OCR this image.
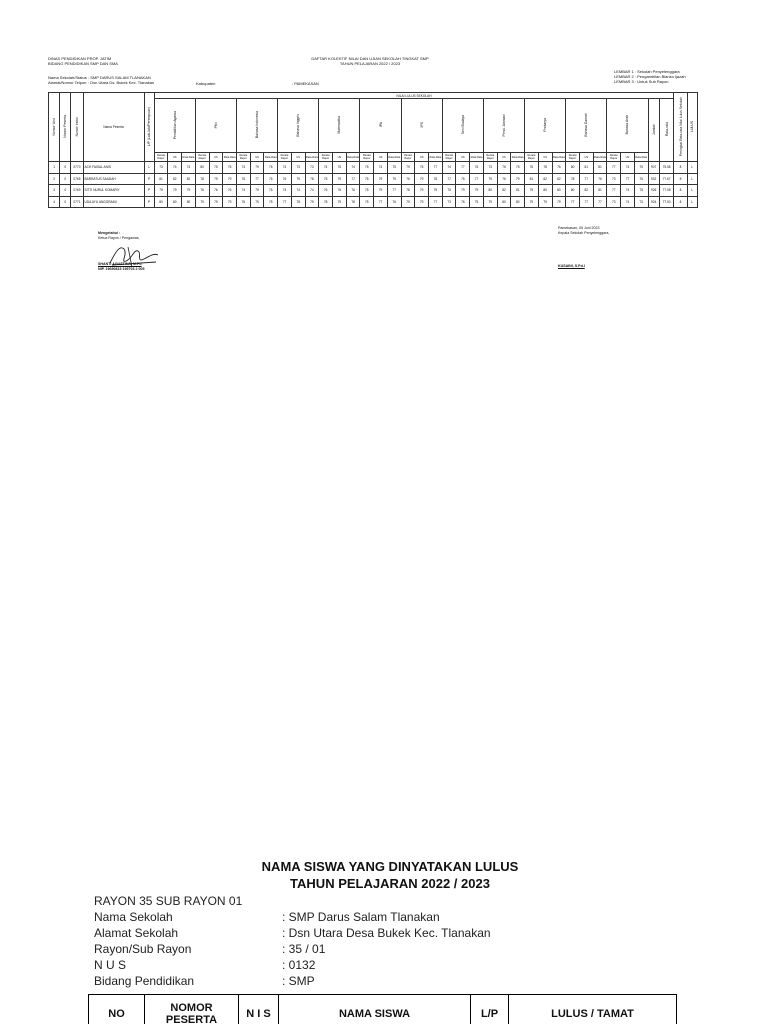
DINAS PENDIDIKAN PROP. JATIM
BIDANG PENDIDIKAN SMP DAN SMA
DAFTAR KOLEKTIF NILAI DAN UJIAN SEKOLAH TINGKAT SMP
TAHUN PELAJARAN 2022 / 2023
Nama Sekolah/Status : SMP DARUS SALAM TLANAKAN
Alamat/Nomor Telpon : Dsn Utara Ds. Bukek Kec. Tlanakan	Kabupaten	: PAMEKASAN
LEMBAR 1 : Sekolah Penyelenggara
LEMBAR 2 : Pengambilan Blanko Ijazah
LEMBAR 3 : Untuk Sub Rayon
Nomor Urut	Nomor Peserta	Nomor Induk	Nama Peserta	L/P (Laki-laki/Perempuan)	NILAI LULUS SEKOLAH																																						Peringkat Rata-rata Nilai Lulus Sekolah	LULUS
					Pendidikan Agama			PKn			Bahasa Indonesia			Bahasa Inggris			Matematika			IPA			IPS			Seni Budaya			Pend. Jasmani			Prakarya			Bahasa Daerah			Bahasa Arab			Jumlah	Rata-rata		
					Rerata Rapor	US	Rata-Rata	Rerata Rapor	US	Rata-Rata	Rerata Rapor	US	Rata-Rata	Rerata Rapor	US	Rata-Rata	Rerata Rapor	US	Rata-Rata	Rerata Rapor	US	Rata-Rata	Rerata Rapor	US	Rata-Rata	Rerata Rapor	US	Rata-Rata	Rerata Rapor	US	Rata-Rata	Rerata Rapor	US	Rata-Rata	Rerata Rapor	US	Rata-Rata	Rerata Rapor	US	Rata-Rata				
1	0	0770	ACH FAISAL ANIS	L	73	74	74	80	75	76	74	79	76	74	73	73	74	75	74	75	74	75	79	76	77	74	77	76	73	76	75	76	78	76	80	81	81	77	74	75	907	75.58	8	L
2	0	0765	BARRATUS SAADAH	P	81	82	82	78	79	79	75	77	76	76	79	78	75	79	77	78	79	79	76	79	78	77	76	77	79	76	79	81	82	82	78	77	76	73	77	75	932	77.67	8	L
3	0	0769	SITTI NURUL KOMARIY	P	79	79	79	76	76	76	74	79	76	74	74	74	76	76	76	75	79	77	78	79	79	75	79	79	80	82	81	79	80	80	80	82	81	77	74	75	926	77.08	8	L
4	0	0771	UDA AYU ANGGRAINI	P	80	80	80	79	79	79	76	79	75	77	78	79	78	79	78	75	77	76	79	79	77	73	76	75	79	80	80	79	79	79	77	77	77	73	74	73	924	77.00	8	L
Mengetahui :
Ketua Rayon / Pengawas,
SHANTI AGUSTINA, M.Pd
NIP. 19690819 199703 2 005
Pamekasan, 05 Juni 2023
Kepala Sekolah Penyelenggara,
KUSAINI, S.Pd.I
NAMA SISWA YANG DINYATAKAN LULUS
TAHUN PELAJARAN 2022 / 2023
RAYON 35 SUB RAYON 01
Nama Sekolah	: SMP Darus Salam Tlanakan
Alamat Sekolah	: Dsn Utara Desa Bukek Kec. Tlanakan
Rayon/Sub Rayon	: 35 / 01
N U S	: 0132
Bidang Pendidikan	: SMP
NO	NOMOR PESERTA	N I S	NAMA SISWA	L/P	LULUS / TAMAT
